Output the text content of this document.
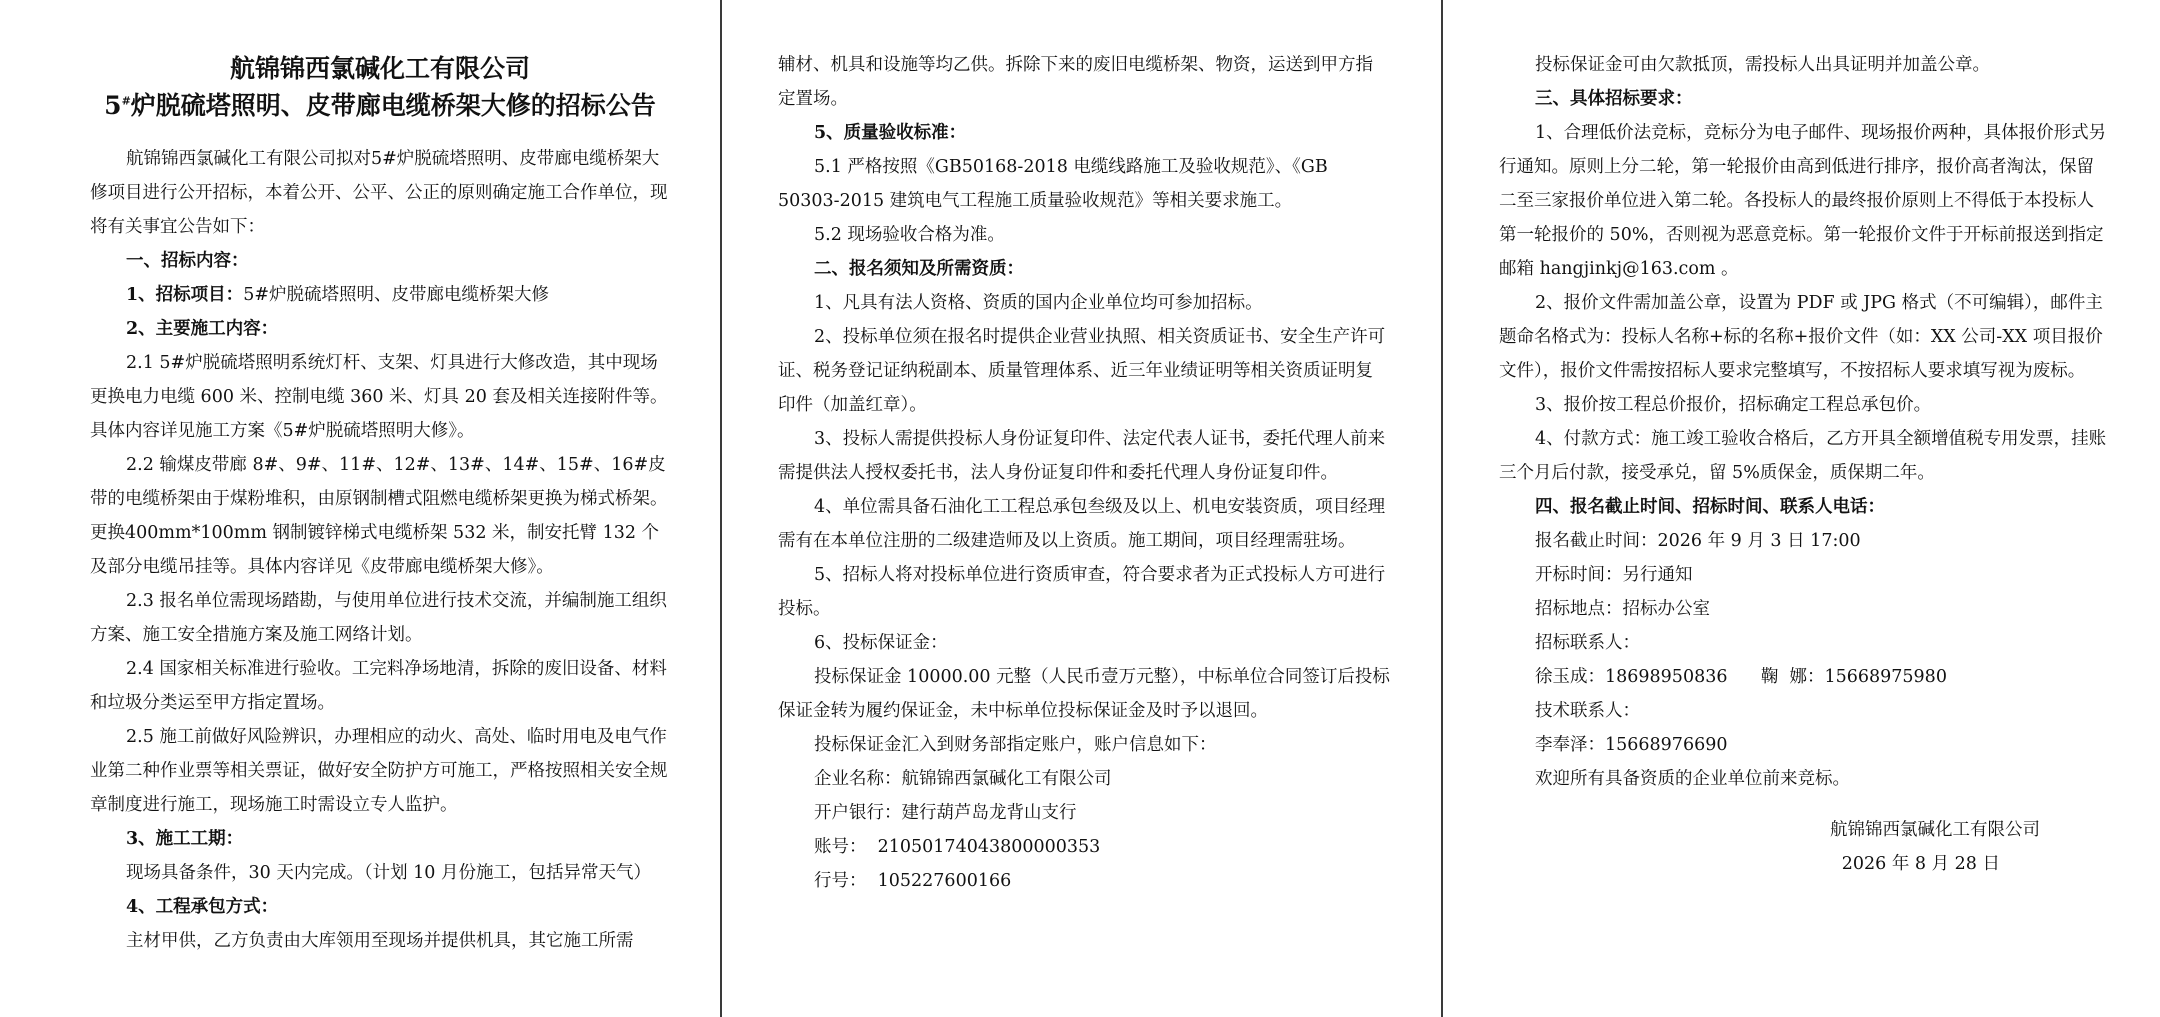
航锦锦西氯碱化工有限公司
5#炉脱硫塔照明、皮带廊电缆桥架大修的招标公告

航锦锦西氯碱化工有限公司拟对5#炉脱硫塔照明、皮带廊电缆桥架大修项目进行公开招标，本着公开、公平、公正的原则确定施工合作单位，现将有关事宜公告如下：

一、招标内容：

1、招标项目：5#炉脱硫塔照明、皮带廊电缆桥架大修

2、主要施工内容：

2.1 5#炉脱硫塔照明系统灯杆、支架、灯具进行大修改造，其中现场更换电力电缆 600 米、控制电缆 360 米、灯具 20 套及相关连接附件等。具体内容详见施工方案《5#炉脱硫塔照明大修》。

2.2 输煤皮带廊 8#、9#、11#、12#、13#、14#、15#、16#皮带的电缆桥架由于煤粉堆积，由原钢制槽式阻燃电缆桥架更换为梯式桥架。更换400mm*100mm 钢制镀锌梯式电缆桥架 532 米，制安托臂 132 个及部分电缆吊挂等。具体内容详见《皮带廊电缆桥架大修》。

2.3 报名单位需现场踏勘，与使用单位进行技术交流，并编制施工组织方案、施工安全措施方案及施工网络计划。

2.4 国家相关标准进行验收。工完料净场地清，拆除的废旧设备、材料和垃圾分类运至甲方指定置场。

2.5 施工前做好风险辨识，办理相应的动火、高处、临时用电及电气作业第二种作业票等相关票证，做好安全防护方可施工，严格按照相关安全规章制度进行施工，现场施工时需设立专人监护。

3、施工工期：

现场具备条件，30 天内完成。（计划 10 月份施工，包括异常天气）

4、工程承包方式：

主材甲供，乙方负责由大库领用至现场并提供机具，其它施工所需

辅材、机具和设施等均乙供。拆除下来的废旧电缆桥架、物资，运送到甲方指定置场。

5、质量验收标准：

5.1 严格按照《GB50168-2018 电缆线路施工及验收规范》、《GB 50303-2015 建筑电气工程施工质量验收规范》等相关要求施工。

5.2 现场验收合格为准。

二、报名须知及所需资质：

1、凡具有法人资格、资质的国内企业单位均可参加招标。

2、投标单位须在报名时提供企业营业执照、相关资质证书、安全生产许可证、税务登记证纳税副本、质量管理体系、近三年业绩证明等相关资质证明复印件（加盖红章）。

3、投标人需提供投标人身份证复印件、法定代表人证书，委托代理人前来需提供法人授权委托书，法人身份证复印件和委托代理人身份证复印件。

4、单位需具备石油化工工程总承包叁级及以上、机电安装资质，项目经理需有在本单位注册的二级建造师及以上资质。施工期间，项目经理需驻场。

5、招标人将对投标单位进行资质审查，符合要求者为正式投标人方可进行投标。

6、投标保证金：

投标保证金 10000.00 元整（人民币壹万元整），中标单位合同签订后投标保证金转为履约保证金，未中标单位投标保证金及时予以退回。

投标保证金汇入到财务部指定账户，账户信息如下：

企业名称：航锦锦西氯碱化工有限公司

开户银行：建行葫芦岛龙背山支行

账号：  21050174043800000353

行号：  105227600166

投标保证金可由欠款抵顶，需投标人出具证明并加盖公章。

三、具体招标要求：

1、合理低价法竞标，竞标分为电子邮件、现场报价两种，具体报价形式另行通知。原则上分二轮，第一轮报价由高到低进行排序，报价高者淘汰，保留二至三家报价单位进入第二轮。各投标人的最终报价原则上不得低于本投标人第一轮报价的 50%，否则视为恶意竞标。第一轮报价文件于开标前报送到指定邮箱 hangjinkj@163.com 。

2、报价文件需加盖公章，设置为 PDF 或 JPG 格式（不可编辑），邮件主题命名格式为：投标人名称+标的名称+报价文件（如：XX 公司-XX 项目报价文件），报价文件需按招标人要求完整填写，不按招标人要求填写视为废标。

3、报价按工程总价报价，招标确定工程总承包价。

4、付款方式：施工竣工验收合格后，乙方开具全额增值税专用发票，挂账三个月后付款，接受承兑，留 5%质保金，质保期二年。

四、报名截止时间、招标时间、联系人电话：

报名截止时间：2026 年 9 月 3 日 17:00

开标时间：另行通知

招标地点：招标办公室

招标联系人：

徐玉成：18698950836      鞠  娜：15668975980

技术联系人：

李奉泽：15668976690

欢迎所有具备资质的企业单位前来竞标。

航锦锦西氯碱化工有限公司

2026 年 8 月 28 日
